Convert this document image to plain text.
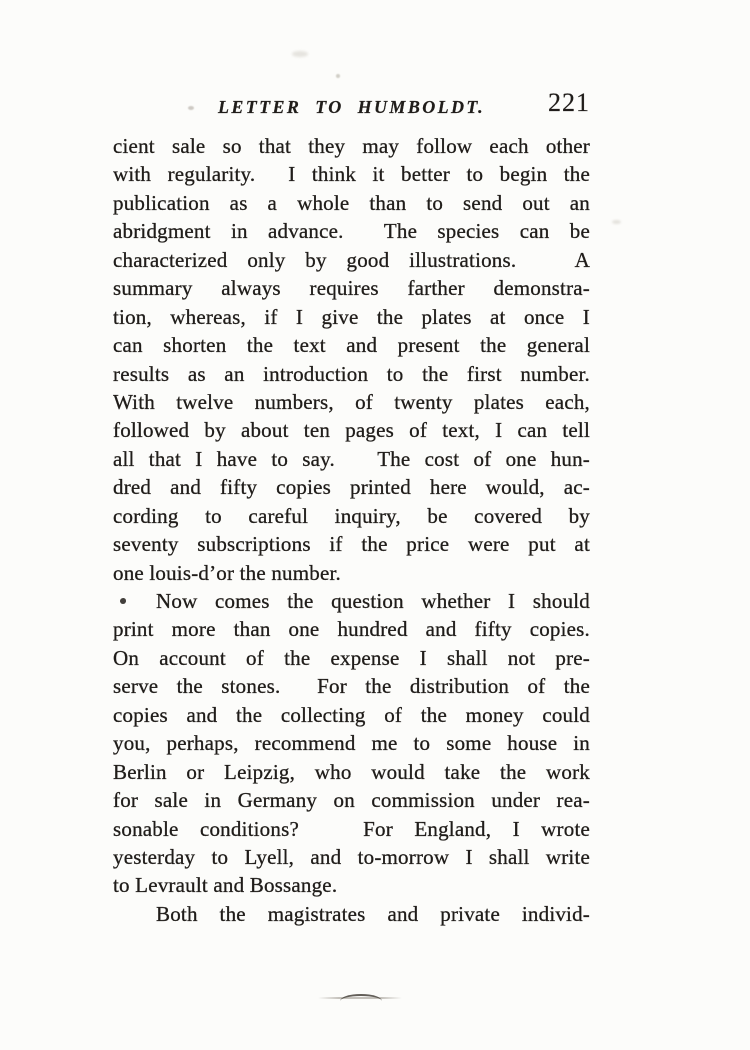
LETTER TO HUMBOLDT.	221
cient sale so that they may follow each other
with regularity.  I think it better to begin the
publication as a whole than to send out an
abridgment in advance.  The species can be
characterized only by good illustrations.   A
summary always requires farther demonstra-
tion, whereas, if I give the plates at once I
can shorten the text and present the general
results as an introduction to the first number.
With twelve numbers, of twenty plates each,
followed by about ten pages of text, I can tell
all that I have to say.   The cost of one hun-
dred and fifty copies printed here would, ac-
cording to careful inquiry, be covered by
seventy subscriptions if the price were put at
one louis-d’or the number.
Now comes the question whether I should
print more than one hundred and fifty copies.
On account of the expense I shall not pre-
serve the stones.  For the distribution of the
copies and the collecting of the money could
you, perhaps, recommend me to some house in
Berlin or Leipzig, who would take the work
for sale in Germany on commission under rea-
sonable conditions?   For England, I wrote
yesterday to Lyell, and to-morrow I shall write
to Levrault and Bossange.
Both the magistrates and private individ-
